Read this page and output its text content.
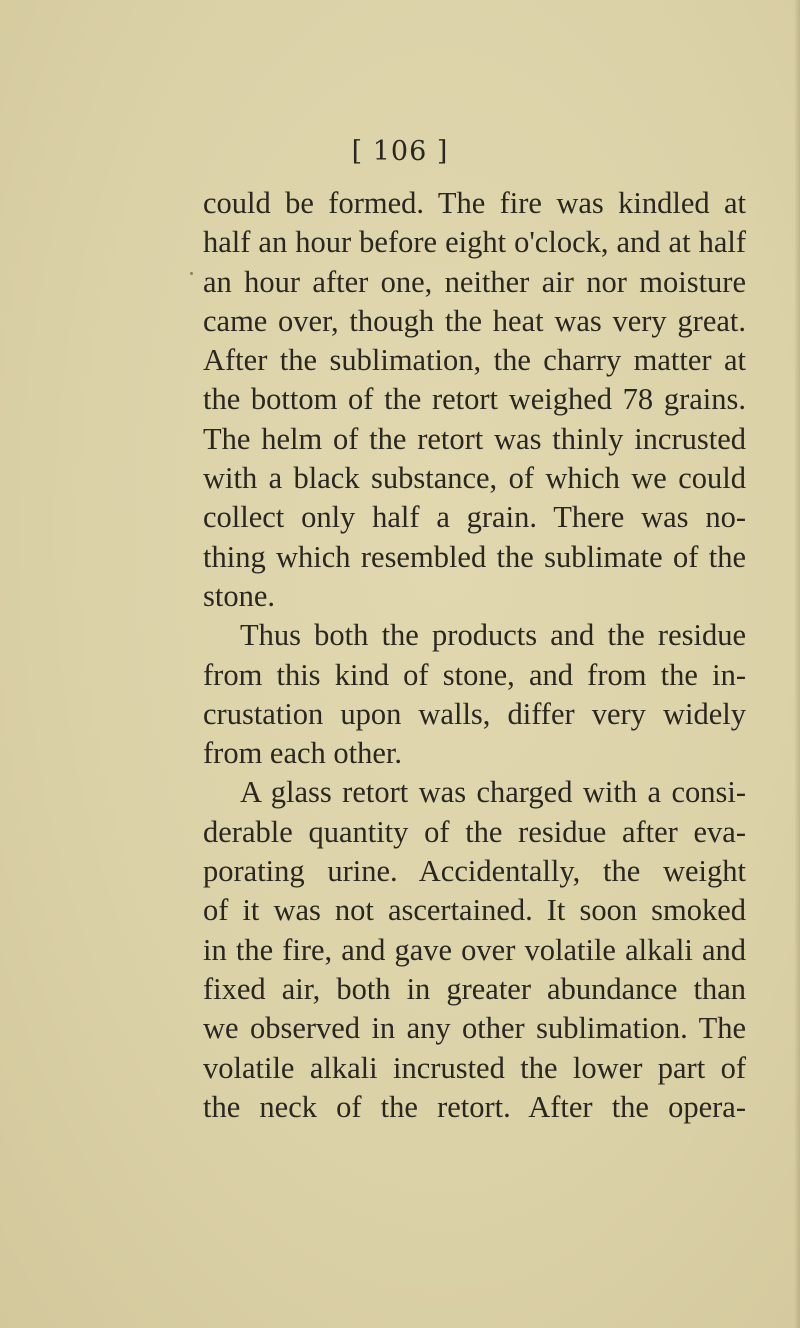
[ 106 ]
could be formed. The fire was kindled at
half an hour before eight o'clock, and at half
an hour after one, neither air nor moisture
came over, though the heat was very great.
After the sublimation, the charry matter at
the bottom of the retort weighed 78 grains.
The helm of the retort was thinly incrusted
with a black substance, of which we could
collect only half a grain. There was no-
thing which resembled the sublimate of the
stone.
Thus both the products and the residue
from this kind of stone, and from the in-
crustation upon walls, differ very widely
from each other.
A glass retort was charged with a consi-
derable quantity of the residue after eva-
porating urine. Accidentally, the weight
of it was not ascertained. It soon smoked
in the fire, and gave over volatile alkali and
fixed air, both in greater abundance than
we observed in any other sublimation. The
volatile alkali incrusted the lower part of
the neck of the retort. After the opera-
